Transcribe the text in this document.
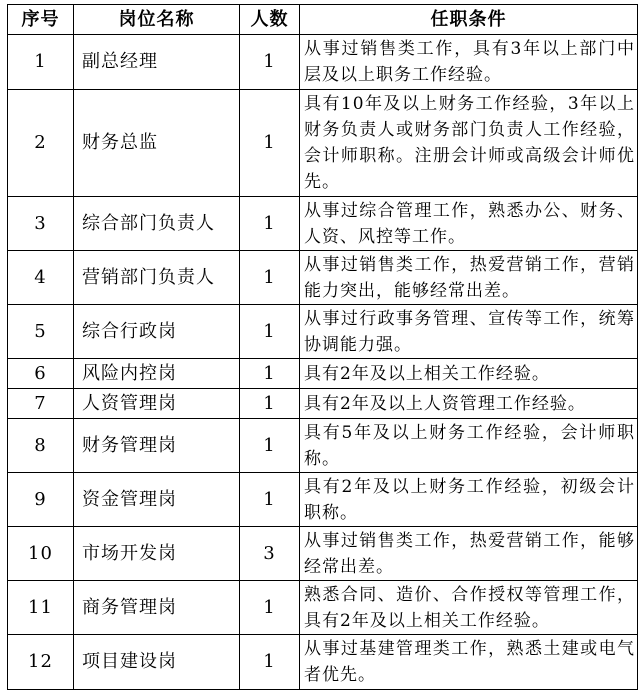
序号	岗位名称	人数	任职条件
1	副总经理	1	从事过销售类工作，具有3年以上部门中层及以上职务工作经验。
2	财务总监	1	具有10年及以上财务工作经验，3年以上财务负责人或财务部门负责人工作经验，会计师职称。注册会计师或高级会计师优先。
3	综合部门负责人	1	从事过综合管理工作，熟悉办公、财务、人资、风控等工作。
4	营销部门负责人	1	从事过销售类工作，热爱营销工作，营销能力突出，能够经常出差。
5	综合行政岗	1	从事过行政事务管理、宣传等工作，统筹协调能力强。
6	风险内控岗	1	具有2年及以上相关工作经验。
7	人资管理岗	1	具有2年及以上人资管理工作经验。
8	财务管理岗	1	具有5年及以上财务工作经验，会计师职称。
9	资金管理岗	1	具有2年及以上财务工作经验，初级会计职称。
10	市场开发岗	3	从事过销售类工作，热爱营销工作，能够经常出差。
11	商务管理岗	1	熟悉合同、造价、合作授权等管理工作，具有2年及以上相关工作经验。
12	项目建设岗	1	从事过基建管理类工作，熟悉土建或电气者优先。
